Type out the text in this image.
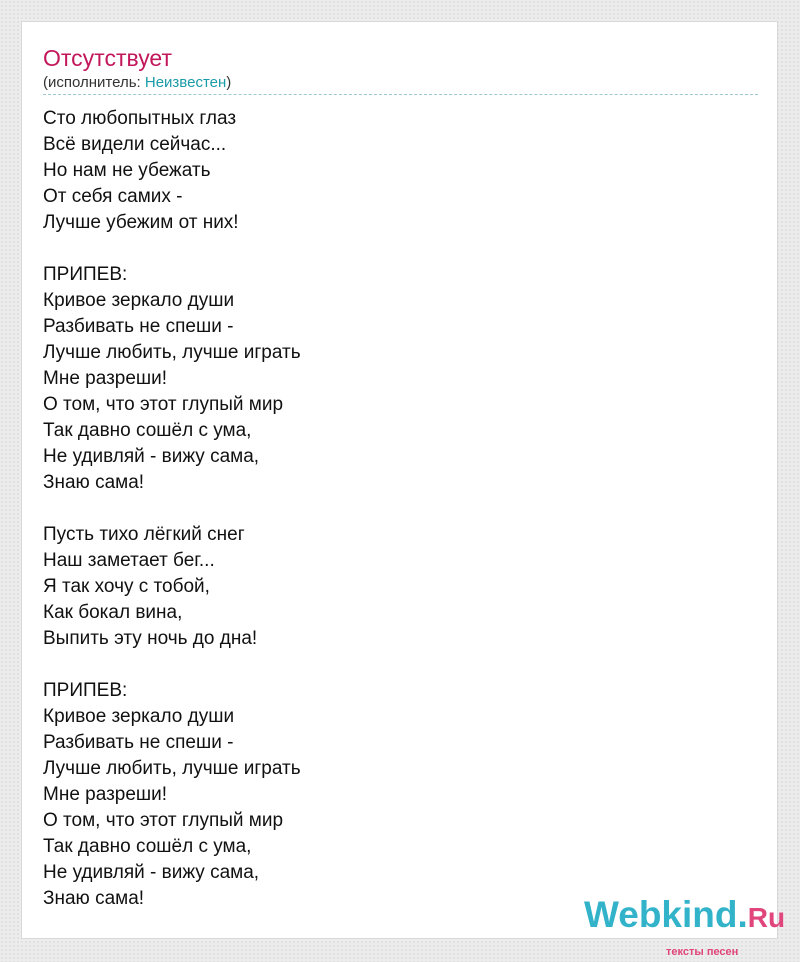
Отсутствует
(исполнитель: Неизвестен)
Сто любопытных глаз
Всё видели сейчас...
Но нам не убежать
От себя самих -
Лучше убежим от них!
ПРИПЕВ:
Кривое зеркало души
Разбивать не спеши -
Лучше любить, лучше играть
Мне разреши!
О том, что этот глупый мир
Так давно сошёл с ума,
Не удивляй - вижу сама,
Знаю сама!
Пусть тихо лёгкий снег
Наш заметает бег...
Я так хочу с тобой,
Как бокал вина,
Выпить эту ночь до дна!
ПРИПЕВ:
Кривое зеркало души
Разбивать не спеши -
Лучше любить, лучше играть
Мне разреши!
О том, что этот глупый мир
Так давно сошёл с ума,
Не удивляй - вижу сама,
Знаю сама!	Webkind.Ru
тексты песен
